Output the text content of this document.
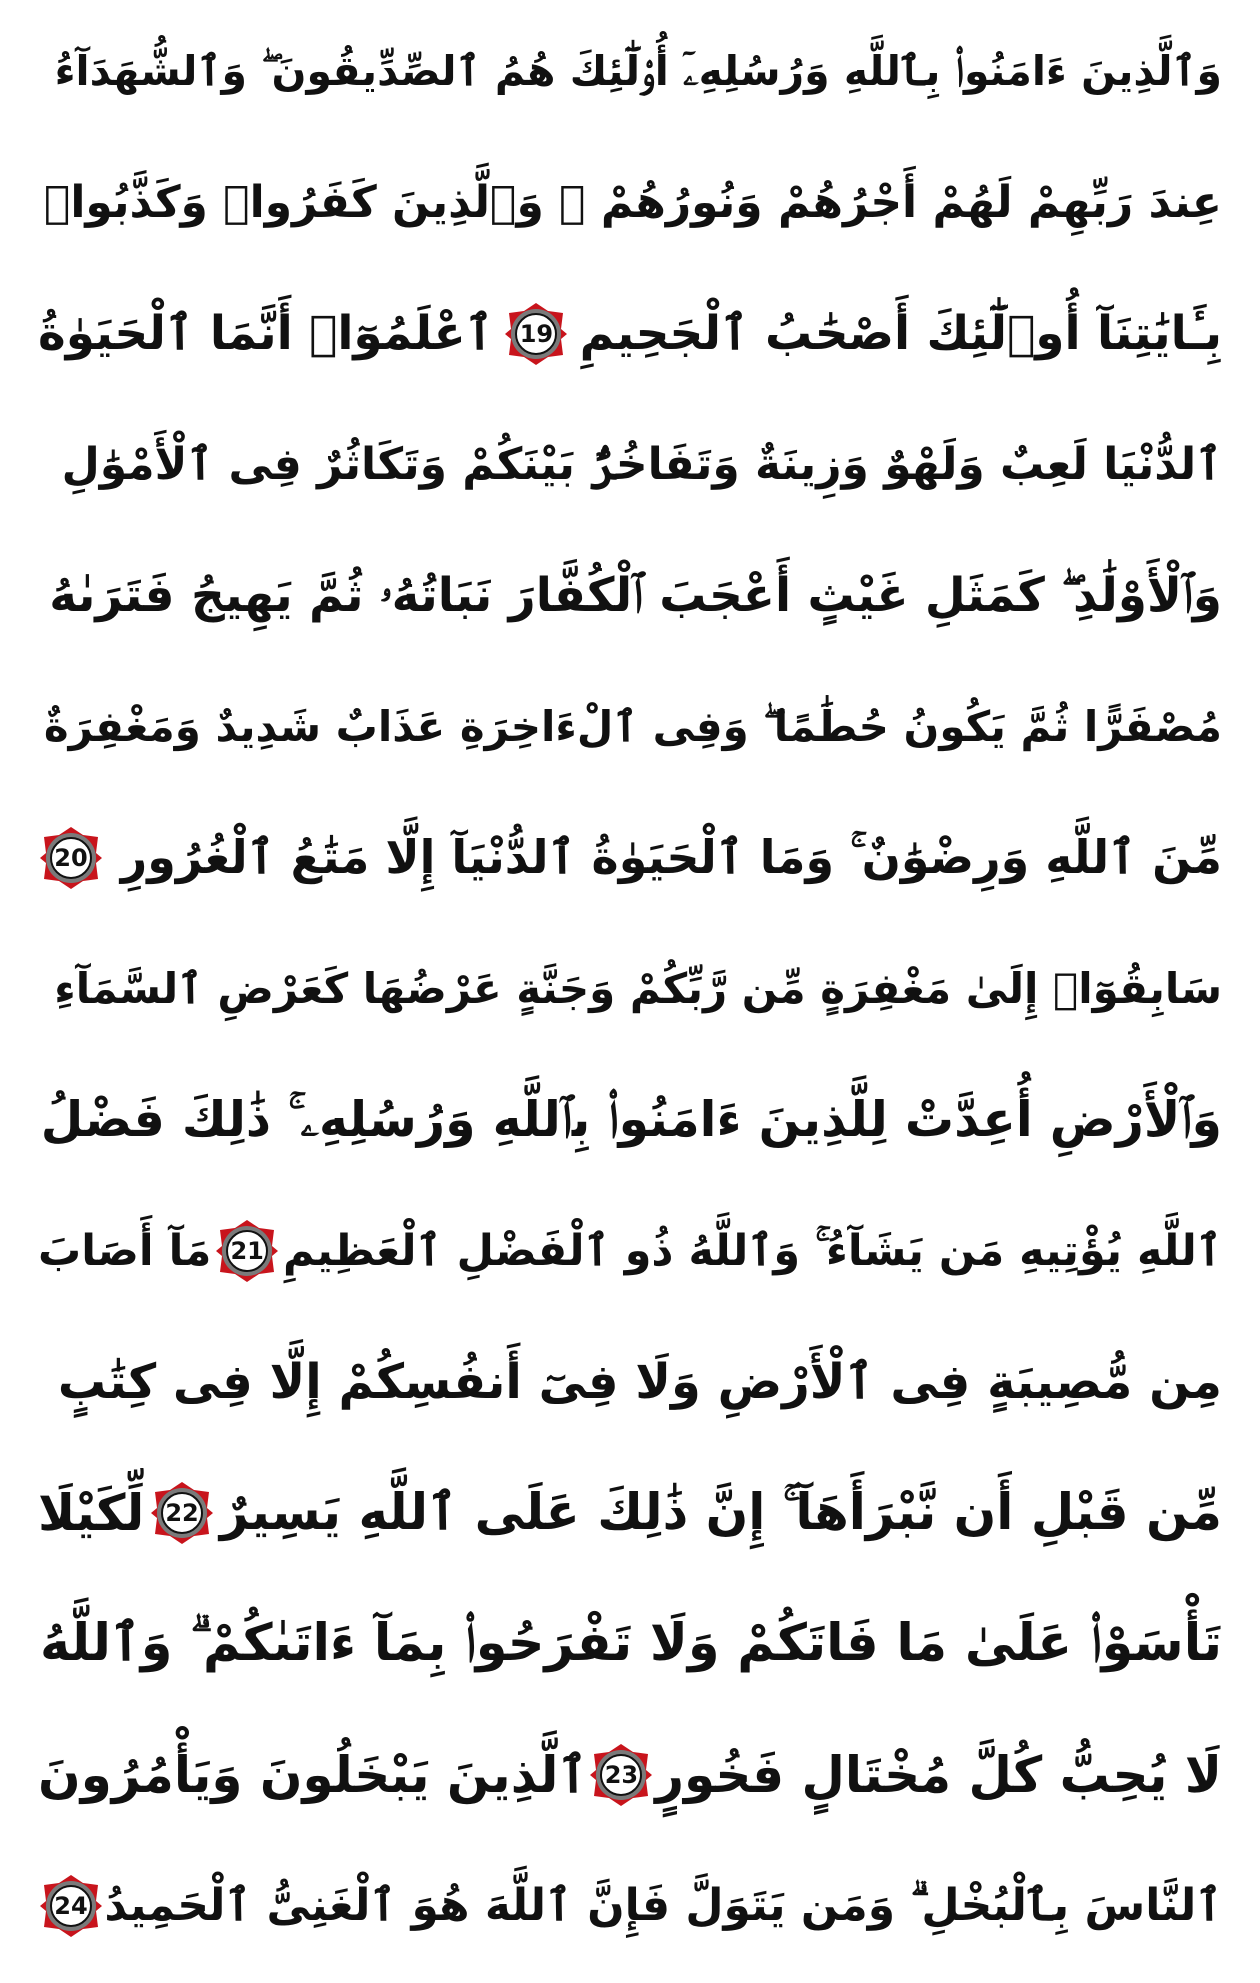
وَٱلَّذِينَ ءَامَنُوا۟ بِٱللَّهِ وَرُسُلِهِۦٓ أُو۟لَٰٓئِكَ هُمُ ٱلصِّدِّيقُونَ ۖ وَٱلشُّهَدَآءُ
عِندَ رَبِّهِمْ لَهُمْ أَجْرُهُمْ وَنُورُهُمْ ۖ وَٱلَّذِينَ كَفَرُوا۟ وَكَذَّبُوا۟
بِـَٔايَٰتِنَآ أُو۟لَٰٓئِكَ أَصْحَٰبُ ٱلْجَحِيمِ
19
ٱعْلَمُوٓا۟ أَنَّمَا ٱلْحَيَوٰةُ
ٱلدُّنْيَا لَعِبٌ وَلَهْوٌ وَزِينَةٌ وَتَفَاخُرٌۢ بَيْنَكُمْ وَتَكَاثُرٌ فِى ٱلْأَمْوَٰلِ
وَٱلْأَوْلَٰدِ ۖ كَمَثَلِ غَيْثٍ أَعْجَبَ ٱلْكُفَّارَ نَبَاتُهُۥ ثُمَّ يَهِيجُ فَتَرَىٰهُ
مُصْفَرًّا ثُمَّ يَكُونُ حُطَٰمًا ۖ وَفِى ٱلْءَاخِرَةِ عَذَابٌ شَدِيدٌ وَمَغْفِرَةٌ
مِّنَ ٱللَّهِ وَرِضْوَٰنٌ ۚ وَمَا ٱلْحَيَوٰةُ ٱلدُّنْيَآ إِلَّا مَتَٰعُ ٱلْغُرُورِ
20
سَابِقُوٓا۟ إِلَىٰ مَغْفِرَةٍ مِّن رَّبِّكُمْ وَجَنَّةٍ عَرْضُهَا كَعَرْضِ ٱلسَّمَآءِ
وَٱلْأَرْضِ أُعِدَّتْ لِلَّذِينَ ءَامَنُوا۟ بِٱللَّهِ وَرُسُلِهِۦ ۚ ذَٰلِكَ فَضْلُ
ٱللَّهِ يُؤْتِيهِ مَن يَشَآءُ ۚ وَٱللَّهُ ذُو ٱلْفَضْلِ ٱلْعَظِيمِ
21
مَآ أَصَابَ
مِن مُّصِيبَةٍ فِى ٱلْأَرْضِ وَلَا فِىٓ أَنفُسِكُمْ إِلَّا فِى كِتَٰبٍ
مِّن قَبْلِ أَن نَّبْرَأَهَآ ۚ إِنَّ ذَٰلِكَ عَلَى ٱللَّهِ يَسِيرٌ
22
لِّكَيْلَا
تَأْسَوْا۟ عَلَىٰ مَا فَاتَكُمْ وَلَا تَفْرَحُوا۟ بِمَآ ءَاتَىٰكُمْ ۗ وَٱللَّهُ
لَا يُحِبُّ كُلَّ مُخْتَالٍ فَخُورٍ
23
ٱلَّذِينَ يَبْخَلُونَ وَيَأْمُرُونَ
ٱلنَّاسَ بِٱلْبُخْلِ ۗ وَمَن يَتَوَلَّ فَإِنَّ ٱللَّهَ هُوَ ٱلْغَنِىُّ ٱلْحَمِيدُ
24
